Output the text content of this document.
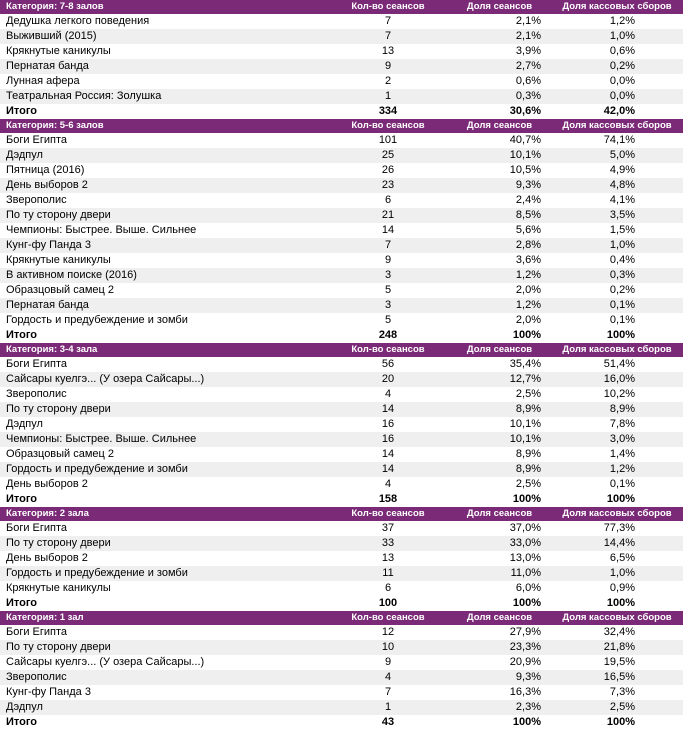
Категория: 7-8 залов	Кол-во сеансов	Доля сеансов	Доля кассовых сборов
Дедушка легкого поведения	7	2,1%	1,2%
Выживший (2015)	7	2,1%	1,0%
Крякнутые каникулы	13	3,9%	0,6%
Пернатая банда	9	2,7%	0,2%
Лунная афера	2	0,6%	0,0%
Театральная Россия: Золушка	1	0,3%	0,0%
Итого	334	30,6%	42,0%
Категория: 5-6 залов	Кол-во сеансов	Доля сеансов	Доля кассовых сборов
Боги Египта	101	40,7%	74,1%
Дэдпул	25	10,1%	5,0%
Пятница (2016)	26	10,5%	4,9%
День выборов 2	23	9,3%	4,8%
Зверополис	6	2,4%	4,1%
По ту сторону двери	21	8,5%	3,5%
Чемпионы: Быстрее. Выше. Сильнее	14	5,6%	1,5%
Кунг-фу Панда 3	7	2,8%	1,0%
Крякнутые каникулы	9	3,6%	0,4%
В активном поиске (2016)	3	1,2%	0,3%
Образцовый самец 2	5	2,0%	0,2%
Пернатая банда	3	1,2%	0,1%
Гордость и предубеждение и зомби	5	2,0%	0,1%
Итого	248	100%	100%
Категория: 3-4 зала	Кол-во сеансов	Доля сеансов	Доля кассовых сборов
Боги Египта	56	35,4%	51,4%
Сайсары куелгэ... (У озера Сайсары...)	20	12,7%	16,0%
Зверополис	4	2,5%	10,2%
По ту сторону двери	14	8,9%	8,9%
Дэдпул	16	10,1%	7,8%
Чемпионы: Быстрее. Выше. Сильнее	16	10,1%	3,0%
Образцовый самец 2	14	8,9%	1,4%
Гордость и предубеждение и зомби	14	8,9%	1,2%
День выборов 2	4	2,5%	0,1%
Итого	158	100%	100%
Категория: 2 зала	Кол-во сеансов	Доля сеансов	Доля кассовых сборов
Боги Египта	37	37,0%	77,3%
По ту сторону двери	33	33,0%	14,4%
День выборов 2	13	13,0%	6,5%
Гордость и предубеждение и зомби	11	11,0%	1,0%
Крякнутые каникулы	6	6,0%	0,9%
Итого	100	100%	100%
Категория: 1 зал	Кол-во сеансов	Доля сеансов	Доля кассовых сборов
Боги Египта	12	27,9%	32,4%
По ту сторону двери	10	23,3%	21,8%
Сайсары куелгэ... (У озера Сайсары...)	9	20,9%	19,5%
Зверополис	4	9,3%	16,5%
Кунг-фу Панда 3	7	16,3%	7,3%
Дэдпул	1	2,3%	2,5%
Итого	43	100%	100%
